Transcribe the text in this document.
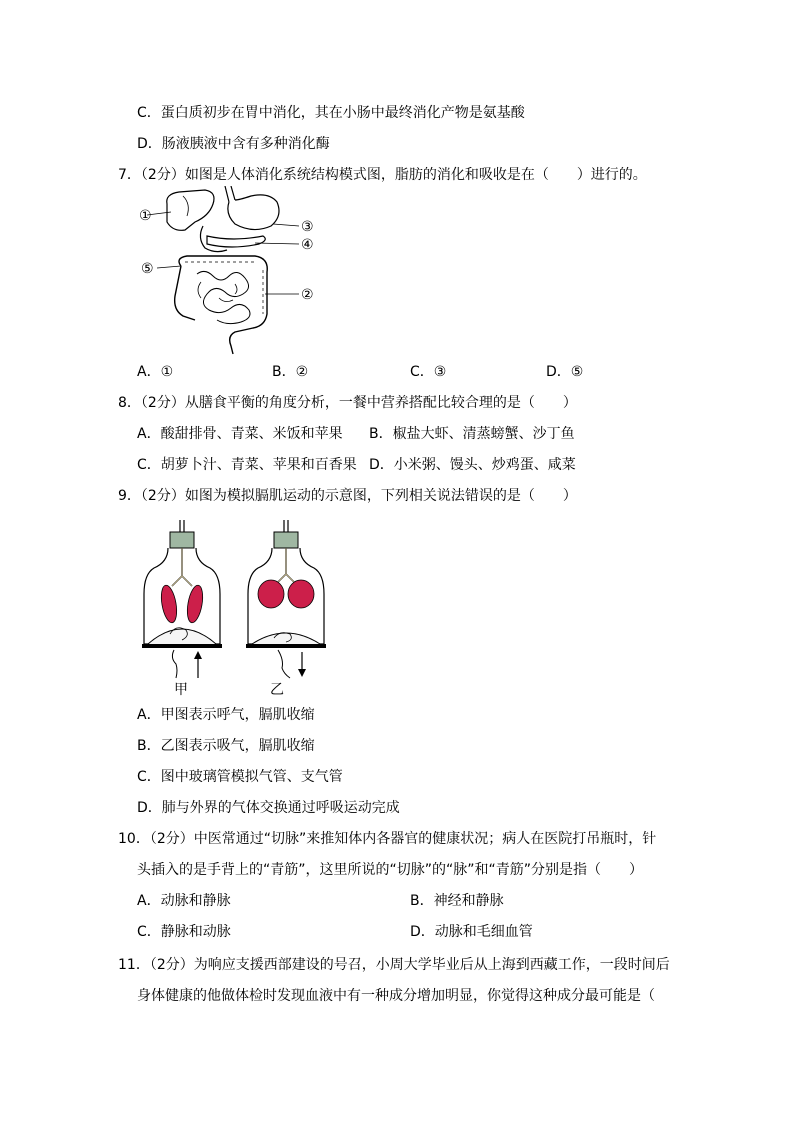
C．蛋白质初步在胃中消化，其在小肠中最终消化产物是氨基酸
D．肠液胰液中含有多种消化酶
7．（2分）如图是人体消化系统结构模式图，脂肪的消化和吸收是在（　　）进行的。
①
③
④
⑤
②
A．①	B．②	C．③	D．⑤
8．（2分）从膳食平衡的角度分析，一餐中营养搭配比较合理的是（　　）
A．酸甜排骨、青菜、米饭和苹果 B．椒盐大虾、清蒸螃蟹、沙丁鱼
C．胡萝卜汁、青菜、苹果和百香果 D．小米粥、馒头、炒鸡蛋、咸菜
9．（2分）如图为模拟膈肌运动的示意图，下列相关说法错误的是（　　）
甲	乙
A．甲图表示呼气，膈肌收缩
B．乙图表示吸气，膈肌收缩
C．图中玻璃管模拟气管、支气管
D．肺与外界的气体交换通过呼吸运动完成
10．（2分）中医常通过“切脉”来推知体内各器官的健康状况；病人在医院打吊瓶时，针
头插入的是手背上的“青筋”，这里所说的“切脉”的“脉”和“青筋”分别是指（　　）
A．动脉和静脉	B．神经和静脉
C．静脉和动脉	D．动脉和毛细血管
11．（2分）为响应支援西部建设的号召，小周大学毕业后从上海到西藏工作，一段时间后
身体健康的他做体检时发现血液中有一种成分增加明显，你觉得这种成分最可能是（
